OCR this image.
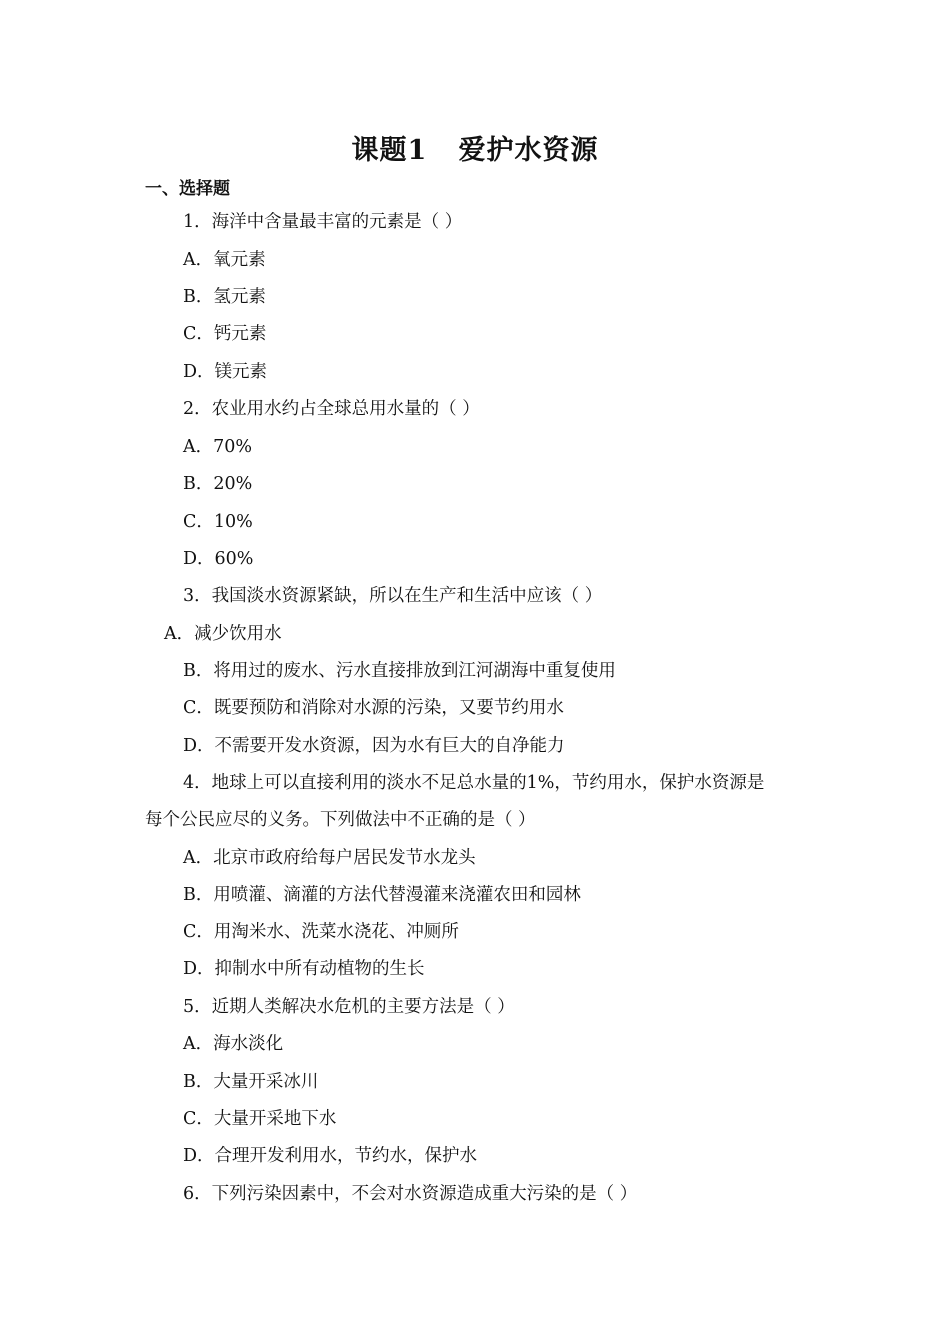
课题1   爱护水资源
一、选择题
1．海洋中含量最丰富的元素是（ ）
A．氧元素
B．氢元素
C．钙元素
D．镁元素
2．农业用水约占全球总用水量的（ ）
A．70%
B．20%
C．10%
D．60%
3．我国淡水资源紧缺，所以在生产和生活中应该（ ）
A．减少饮用水
B．将用过的废水、污水直接排放到江河湖海中重复使用
C．既要预防和消除对水源的污染，又要节约用水
D．不需要开发水资源，因为水有巨大的自净能力
4．地球上可以直接利用的淡水不足总水量的1%，节约用水，保护水资源是
每个公民应尽的义务。下列做法中不正确的是（ ）
A．北京市政府给每户居民发节水龙头
B．用喷灌、滴灌的方法代替漫灌来浇灌农田和园林
C．用淘米水、洗菜水浇花、冲厕所
D．抑制水中所有动植物的生长
5．近期人类解决水危机的主要方法是（ ）
A．海水淡化
B．大量开采冰川
C．大量开采地下水
D．合理开发利用水，节约水，保护水
6．下列污染因素中，不会对水资源造成重大污染的是（ ）
